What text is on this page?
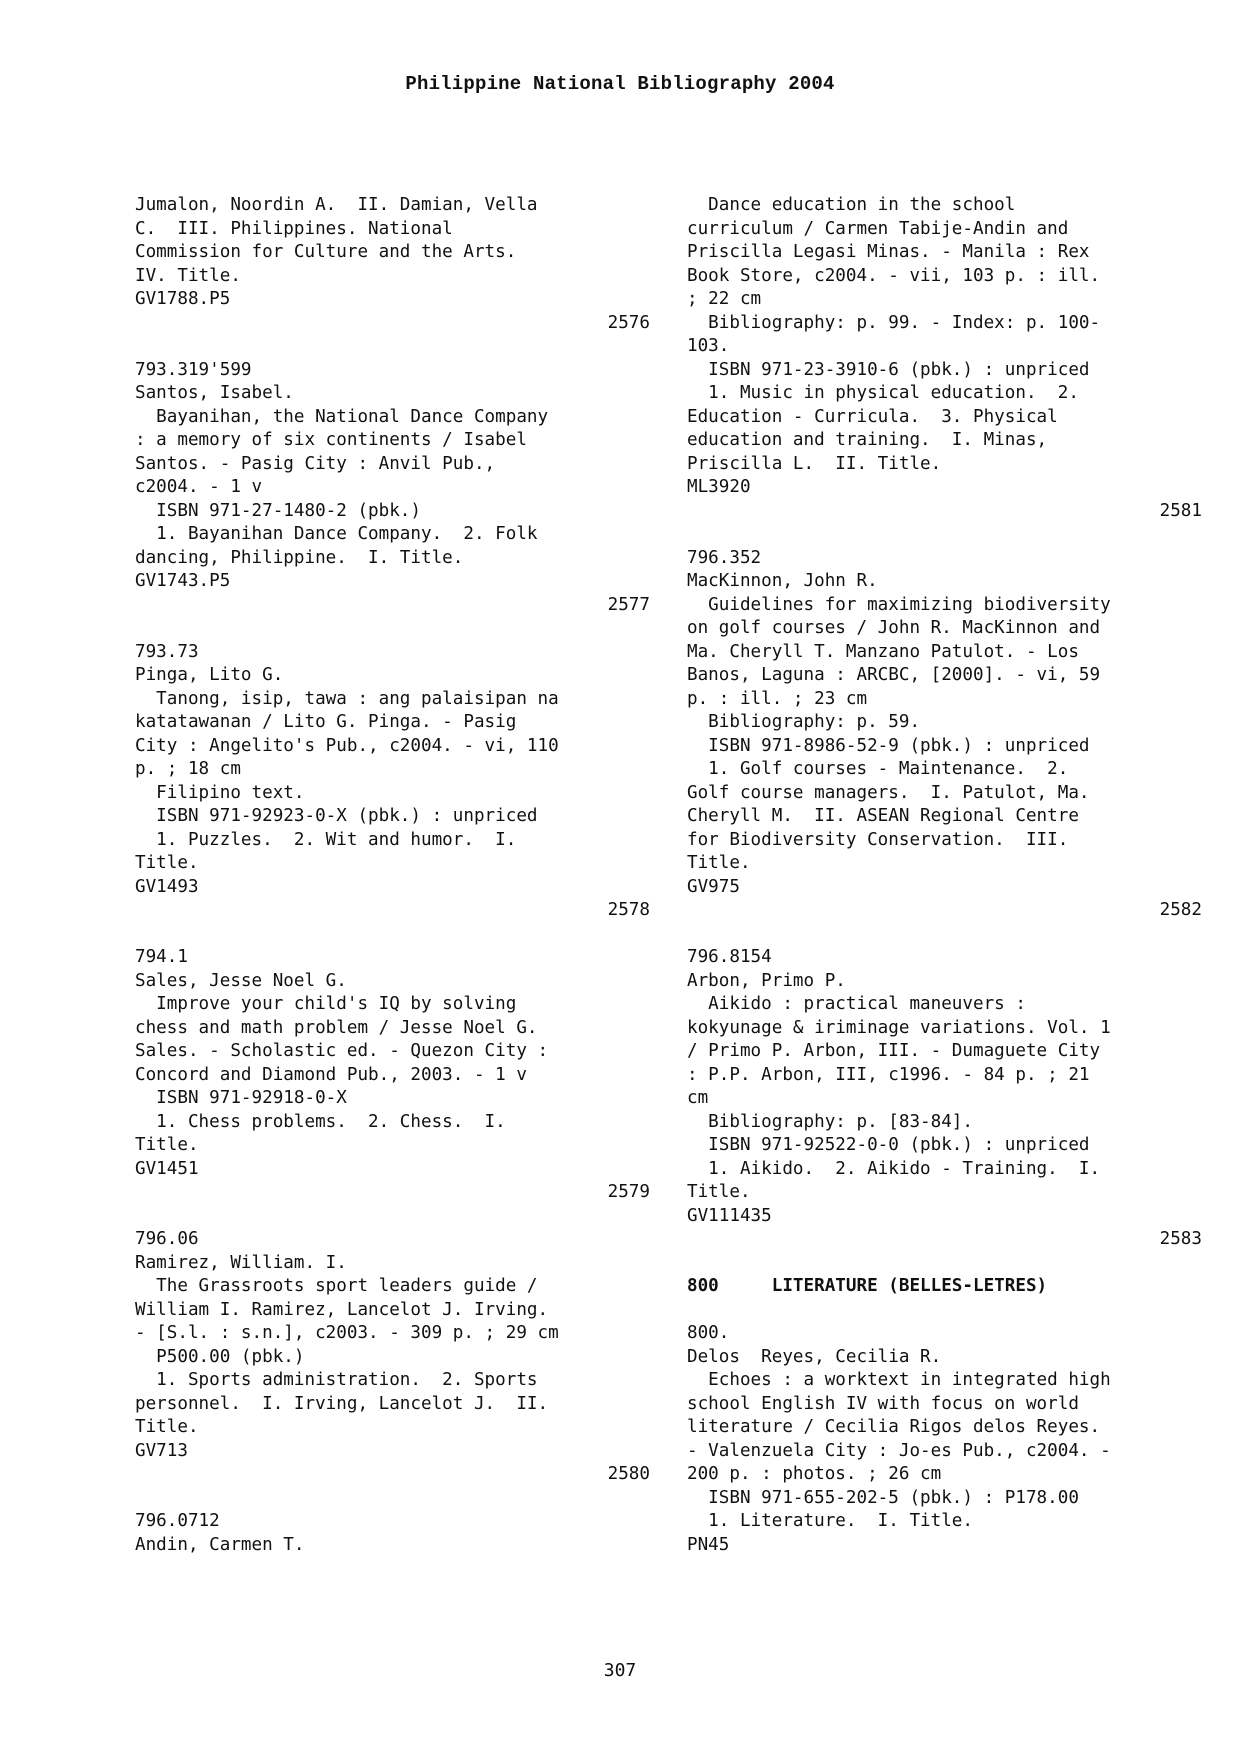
Philippine National Bibliography 2004
Jumalon, Noordin A.  II. Damian, Vella
C.  III. Philippines. National
Commission for Culture and the Arts.
IV. Title.
GV1788.P5
2576
793.319'599
Santos, Isabel.
Bayanihan, the National Dance Company
: a memory of six continents / Isabel
Santos. - Pasig City : Anvil Pub.,
c2004. - 1 v
ISBN 971-27-1480-2 (pbk.)
1. Bayanihan Dance Company.  2. Folk
dancing, Philippine.  I. Title.
GV1743.P5
2577
793.73
Pinga, Lito G.
Tanong, isip, tawa : ang palaisipan na
katatawanan / Lito G. Pinga. - Pasig
City : Angelito's Pub., c2004. - vi, 110
p. ; 18 cm
Filipino text.
ISBN 971-92923-0-X (pbk.) : unpriced
1. Puzzles.  2. Wit and humor.  I.
Title.
GV1493
2578
794.1
Sales, Jesse Noel G.
Improve your child's IQ by solving
chess and math problem / Jesse Noel G.
Sales. - Scholastic ed. - Quezon City :
Concord and Diamond Pub., 2003. - 1 v
ISBN 971-92918-0-X
1. Chess problems.  2. Chess.  I.
Title.
GV1451
2579
796.06
Ramirez, William. I.
The Grassroots sport leaders guide /
William I. Ramirez, Lancelot J. Irving.
- [S.l. : s.n.], c2003. - 309 p. ; 29 cm
P500.00 (pbk.)
1. Sports administration.  2. Sports
personnel.  I. Irving, Lancelot J.  II.
Title.
GV713
2580
796.0712
Andin, Carmen T.
Dance education in the school
curriculum / Carmen Tabije-Andin and
Priscilla Legasi Minas. - Manila : Rex
Book Store, c2004. - vii, 103 p. : ill.
; 22 cm
Bibliography: p. 99. - Index: p. 100-
103.
ISBN 971-23-3910-6 (pbk.) : unpriced
1. Music in physical education.  2.
Education - Curricula.  3. Physical
education and training.  I. Minas,
Priscilla L.  II. Title.
ML3920
2581
796.352
MacKinnon, John R.
Guidelines for maximizing biodiversity
on golf courses / John R. MacKinnon and
Ma. Cheryll T. Manzano Patulot. - Los
Banos, Laguna : ARCBC, [2000]. - vi, 59
p. : ill. ; 23 cm
Bibliography: p. 59.
ISBN 971-8986-52-9 (pbk.) : unpriced
1. Golf courses - Maintenance.  2.
Golf course managers.  I. Patulot, Ma.
Cheryll M.  II. ASEAN Regional Centre
for Biodiversity Conservation.  III.
Title.
GV975
2582
796.8154
Arbon, Primo P.
Aikido : practical maneuvers :
kokyunage & iriminage variations. Vol. 1
/ Primo P. Arbon, III. - Dumaguete City
: P.P. Arbon, III, c1996. - 84 p. ; 21
cm
Bibliography: p. [83-84].
ISBN 971-92522-0-0 (pbk.) : unpriced
1. Aikido.  2. Aikido - Training.  I.
Title.
GV111435
2583
800     LITERATURE (BELLES-LETRES)
800.
Delos  Reyes, Cecilia R.
Echoes : a worktext in integrated high
school English IV with focus on world
literature / Cecilia Rigos delos Reyes.
- Valenzuela City : Jo-es Pub., c2004. -
200 p. : photos. ; 26 cm
ISBN 971-655-202-5 (pbk.) : P178.00
1. Literature.  I. Title.
PN45
307
